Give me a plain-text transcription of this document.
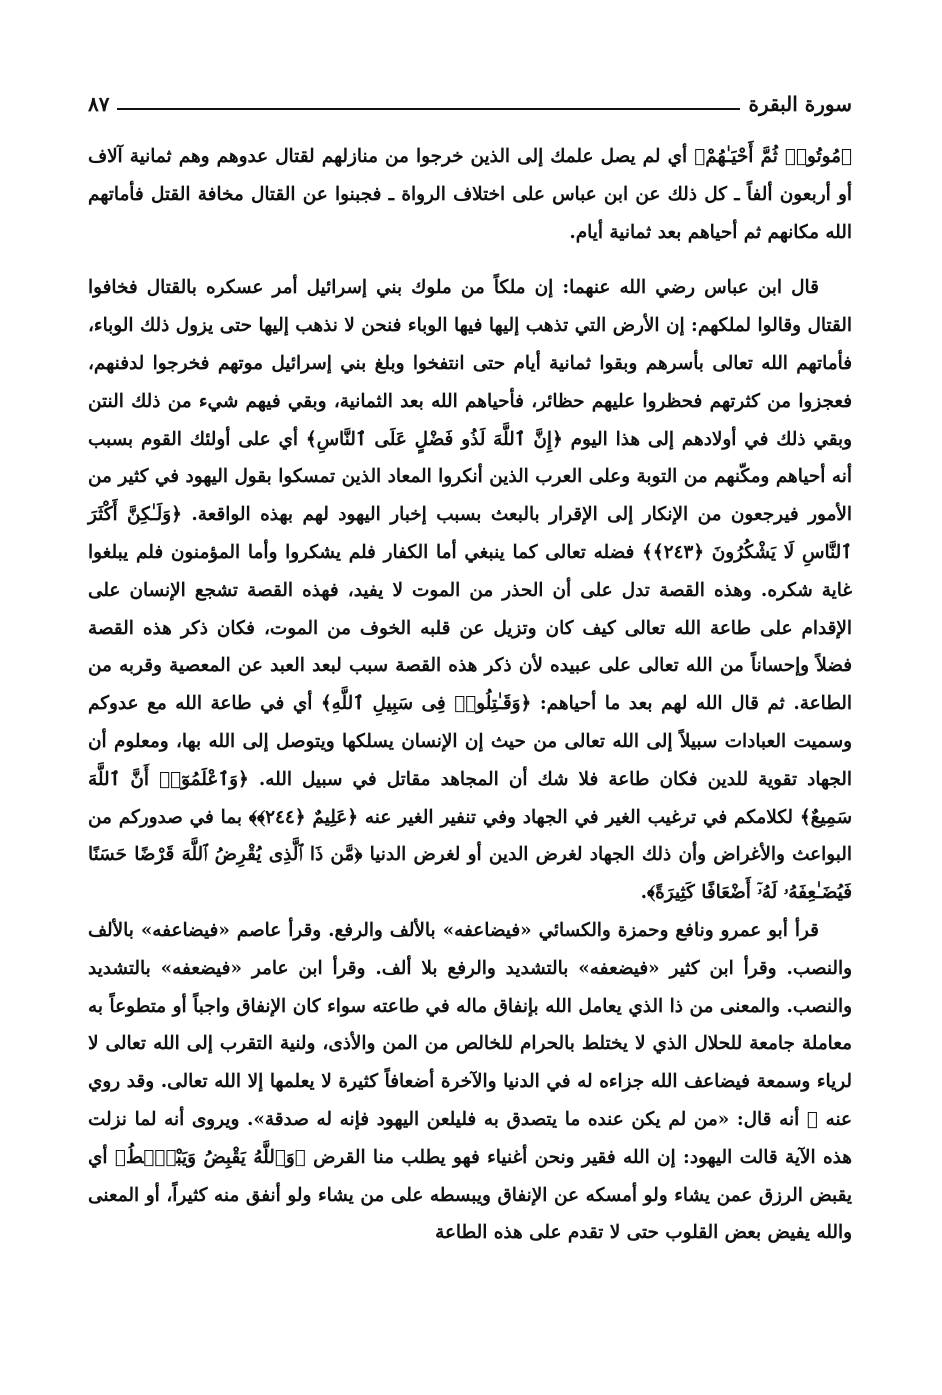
سورة البقرة
٨٧

﴿مُوتُوا۟ ثُمَّ أَحْيَـٰهُمْ﴾ أي لم يصل علمك إلى الذين خرجوا من منازلهم لقتال عدوهم وهم ثمانية آلاف أو أربعون ألفاً ـ كل ذلك عن ابن عباس على اختلاف الرواة ـ فجبنوا عن القتال مخافة القتل فأماتهم الله مكانهم ثم أحياهم بعد ثمانية أيام.

قال ابن عباس رضي الله عنهما: إن ملكاً من ملوك بني إسرائيل أمر عسكره بالقتال فخافوا القتال وقالوا لملكهم: إن الأرض التي تذهب إليها فيها الوباء فنحن لا نذهب إليها حتى يزول ذلك الوباء، فأماتهم الله تعالى بأسرهم وبقوا ثمانية أيام حتى انتفخوا وبلغ بني إسرائيل موتهم فخرجوا لدفنهم، فعجزوا من كثرتهم فحظروا عليهم حظائر، فأحياهم الله بعد الثمانية، وبقي فيهم شيء من ذلك النتن وبقي ذلك في أولادهم إلى هذا اليوم ﴿إِنَّ ٱللَّهَ لَذُو فَضْلٍ عَلَى ٱلنَّاسِ﴾ أي على أولئك القوم بسبب أنه أحياهم ومكّنهم من التوبة وعلى العرب الذين أنكروا المعاد الذين تمسكوا بقول اليهود في كثير من الأمور فيرجعون من الإنكار إلى الإقرار بالبعث بسبب إخبار اليهود لهم بهذه الواقعة. ﴿وَلَـٰكِنَّ أَكْثَرَ ٱلنَّاسِ لَا يَشْكُرُونَ ﴿٢٤٣﴾﴾ فضله تعالى كما ينبغي أما الكفار فلم يشكروا وأما المؤمنون فلم يبلغوا غاية شكره. وهذه القصة تدل على أن الحذر من الموت لا يفيد، فهذه القصة تشجع الإنسان على الإقدام على طاعة الله تعالى كيف كان وتزيل عن قلبه الخوف من الموت، فكان ذكر هذه القصة فضلاً وإحساناً من الله تعالى على عبيده لأن ذكر هذه القصة سبب لبعد العبد عن المعصية وقربه من الطاعة. ثم قال الله لهم بعد ما أحياهم: ﴿وَقَـٰتِلُوا۟ فِى سَبِيلِ ٱللَّهِ﴾ أي في طاعة الله مع عدوكم وسميت العبادات سبيلاً إلى الله تعالى من حيث إن الإنسان يسلكها ويتوصل إلى الله بها، ومعلوم أن الجهاد تقوية للدين فكان طاعة فلا شك أن المجاهد مقاتل في سبيل الله. ﴿وَٱعْلَمُوٓا۟ أَنَّ ٱللَّهَ سَمِيعٌ﴾ لكلامكم في ترغيب الغير في الجهاد وفي تنفير الغير عنه ﴿عَلِيمٌ ﴿٢٤٤﴾﴾ بما في صدوركم من البواعث والأغراض وأن ذلك الجهاد لغرض الدين أو لغرض الدنيا ﴿مَّن ذَا ٱلَّذِى يُقْرِضُ ٱللَّهَ قَرْضًا حَسَنًا فَيُضَـٰعِفَهُۥ لَهُۥٓ أَضْعَافًا كَثِيرَةً﴾.

قرأ أبو عمرو ونافع وحمزة والكسائي «فيضاعفه» بالألف والرفع. وقرأ عاصم «فيضاعفه» بالألف والنصب. وقرأ ابن كثير «فيضعفه» بالتشديد والرفع بلا ألف. وقرأ ابن عامر «فيضعفه» بالتشديد والنصب. والمعنى من ذا الذي يعامل الله بإنفاق ماله في طاعته سواء كان الإنفاق واجباً أو متطوعاً به معاملة جامعة للحلال الذي لا يختلط بالحرام للخالص من المن والأذى، ولنية التقرب إلى الله تعالى لا لرياء وسمعة فيضاعف الله جزاءه له في الدنيا والآخرة أضعافاً كثيرة لا يعلمها إلا الله تعالى. وقد روي عنه ﷺ أنه قال: «من لم يكن عنده ما يتصدق به فليلعن اليهود فإنه له صدقة». ويروى أنه لما نزلت هذه الآية قالت اليهود: إن الله فقير ونحن أغنياء فهو يطلب منا القرض ﴿وَٱللَّهُ يَقْبِضُ وَيَبْصُۜطُ﴾ أي يقبض الرزق عمن يشاء ولو أمسكه عن الإنفاق ويبسطه على من يشاء ولو أنفق منه كثيراً، أو المعنى والله يفيض بعض القلوب حتى لا تقدم على هذه الطاعة
